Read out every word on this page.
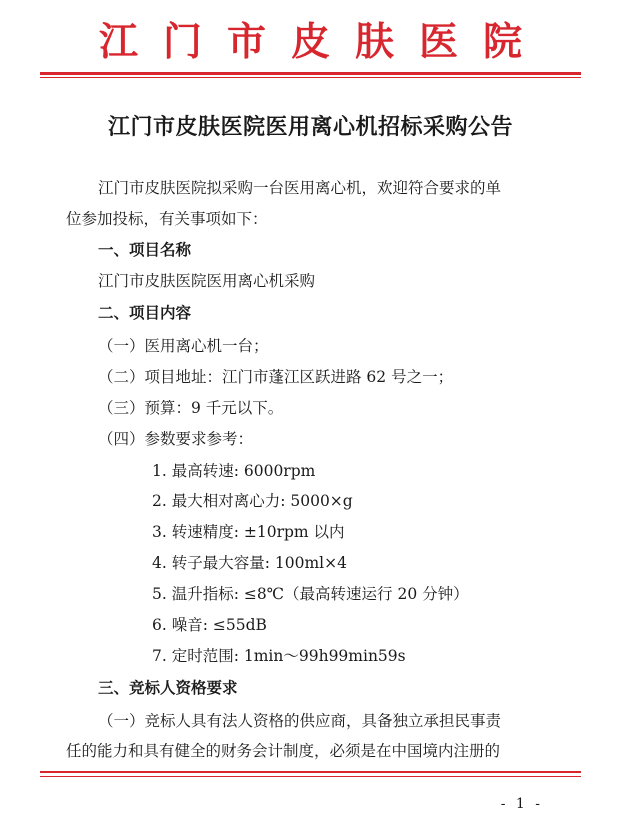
江门市皮肤医院
江门市皮肤医院医用离心机招标采购公告
江门市皮肤医院拟采购一台医用离心机，欢迎符合要求的单
位参加投标，有关事项如下：
一、项目名称
江门市皮肤医院医用离心机采购
二、项目内容
（一）医用离心机一台；
（二）项目地址：江门市蓬江区跃进路 62 号之一；
（三）预算：9 千元以下。
（四）参数要求参考：
1. 最高转速: 6000rpm
2. 最大相对离心力: 5000×g
3. 转速精度: ±10rpm 以内
4. 转子最大容量: 100ml×4
5. 温升指标: ≤8℃（最高转速运行 20 分钟）
6. 噪音: ≤55dB
7. 定时范围: 1min～99h99min59s
三、竞标人资格要求
（一）竞标人具有法人资格的供应商，具备独立承担民事责
任的能力和具有健全的财务会计制度，必须是在中国境内注册的
- 1 -
